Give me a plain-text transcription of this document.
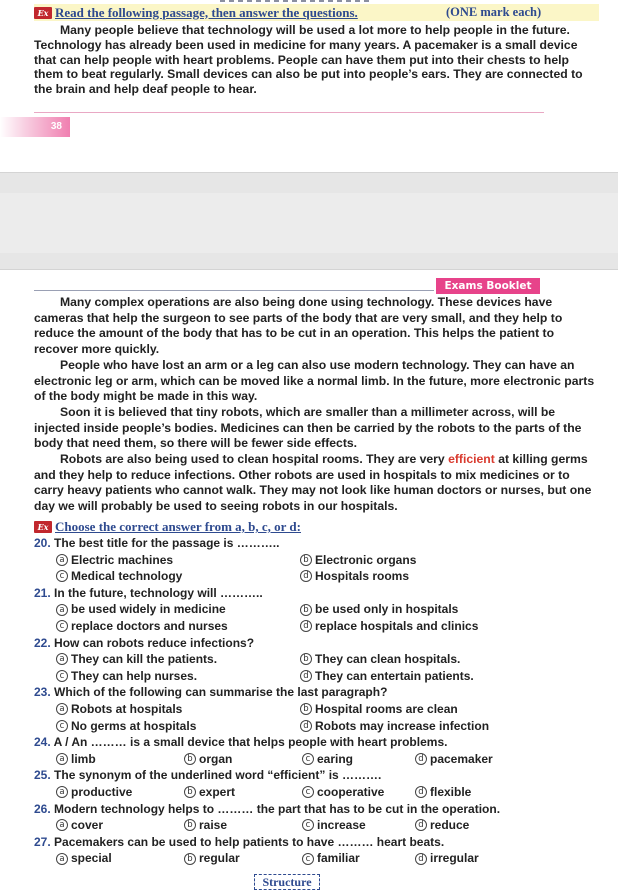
Ex Read the following passage, then answer the questions.	(ONE mark each)
Many people believe that technology will be used a lot more to help people in the future. Technology has already been used in medicine for many years. A pacemaker is a small device that can help people with heart problems. People can have them put into their chests to help them to beat regularly. Small devices can also be put into people’s ears. They are connected to the brain and help deaf people to hear.
38
Exams Booklet

Many complex operations are also being done using technology. These devices have cameras that help the surgeon to see parts of the body that are very small, and they help to reduce the amount of the body that has to be cut in an operation. This helps the patient to recover more quickly.

People who have lost an arm or a leg can also use modern technology. They can have an electronic leg or arm, which can be moved like a normal limb. In the future, more electronic parts of the body might be made in this way.

Soon it is believed that tiny robots, which are smaller than a millimeter across, will be injected inside people’s bodies. Medicines can then be carried by the robots to the parts of the body that need them, so there will be fewer side effects.

Robots are also being used to clean hospital rooms. They are very efficient at killing germs and they help to reduce infections. Other robots are used in hospitals to mix medicines or to carry heavy patients who cannot walk. They may not look like human doctors or nurses, but one day we will probably be used to seeing robots in our hospitals.

Ex Choose the correct answer from a, b, c, or d:
20. The best title for the passage is ………..
a Electric machines	b Electronic organs
c Medical technology	d Hospitals rooms
21. In the future, technology will ………..
a be used widely in medicine	b be used only in hospitals
c replace doctors and nurses	d replace hospitals and clinics
22. How can robots reduce infections?
a They can kill the patients.	b They can clean hospitals.
c They can help nurses.	d They can entertain patients.
23. Which of the following can summarise the last paragraph?
a Robots at hospitals	b Hospital rooms are clean
c No germs at hospitals	d Robots may increase infection
24. A / An ……… is a small device that helps people with heart problems.
a limb	b organ	c earing	d pacemaker
25. The synonym of the underlined word “efficient” is ……….
a productive	b expert	c cooperative	d flexible
26. Modern technology helps to ……… the part that has to be cut in the operation.
a cover	b raise	c increase	d reduce
27. Pacemakers can be used to help patients to have ……… heart beats.
a special	b regular	c familiar	d irregular
Structure
